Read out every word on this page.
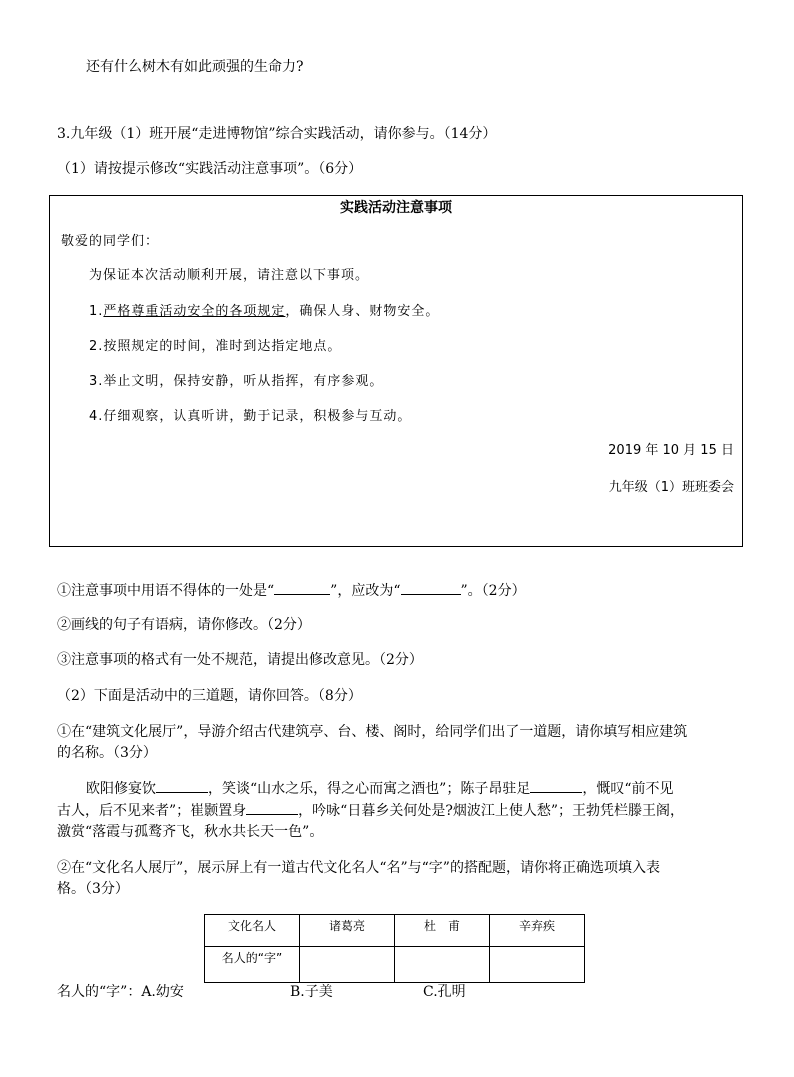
还有什么树木有如此顽强的生命力?
3.九年级（1）班开展“走进博物馆”综合实践活动，请你参与。（14分）
（1）请按提示修改“实践活动注意事项”。（6分）
实践活动注意事项
敬爱的同学们：
为保证本次活动顺利开展，请注意以下事项。
1.严格尊重活动安全的各项规定，确保人身、财物安全。
2.按照规定的时间，准时到达指定地点。
3.举止文明，保持安静，听从指挥，有序参观。
4.仔细观察，认真听讲，勤于记录，积极参与互动。
2019 年 10 月 15 日
九年级（1）班班委会
①注意事项中用语不得体的一处是“	”，应改为“	”。（2分）
②画线的句子有语病，请你修改。（2分）
③注意事项的格式有一处不规范，请提出修改意见。（2分）
（2）下面是活动中的三道题，请你回答。（8分）
①在“建筑文化展厅”，导游介绍古代建筑亭、台、楼、阁时，给同学们出了一道题，请你填写相应建筑
的名称。（3分）
欧阳修宴饮	，笑谈“山水之乐，得之心而寓之酒也”；陈子昂驻足	，慨叹“前不见
古人，后不见来者”；崔颢置身	，吟咏“日暮乡关何处是?烟波江上使人愁”；王勃凭栏滕王阁，
激赏“落霞与孤鹜齐飞，秋水共长天一色”。
②在“文化名人展厅”，展示屏上有一道古代文化名人“名”与“字”的搭配题，请你将正确选项填入表
格。（3分）
文化名人	诸葛亮	杜　甫	辛弃疾
名人的“字”			
名人的“字”：A.幼安	B.子美	C.孔明
